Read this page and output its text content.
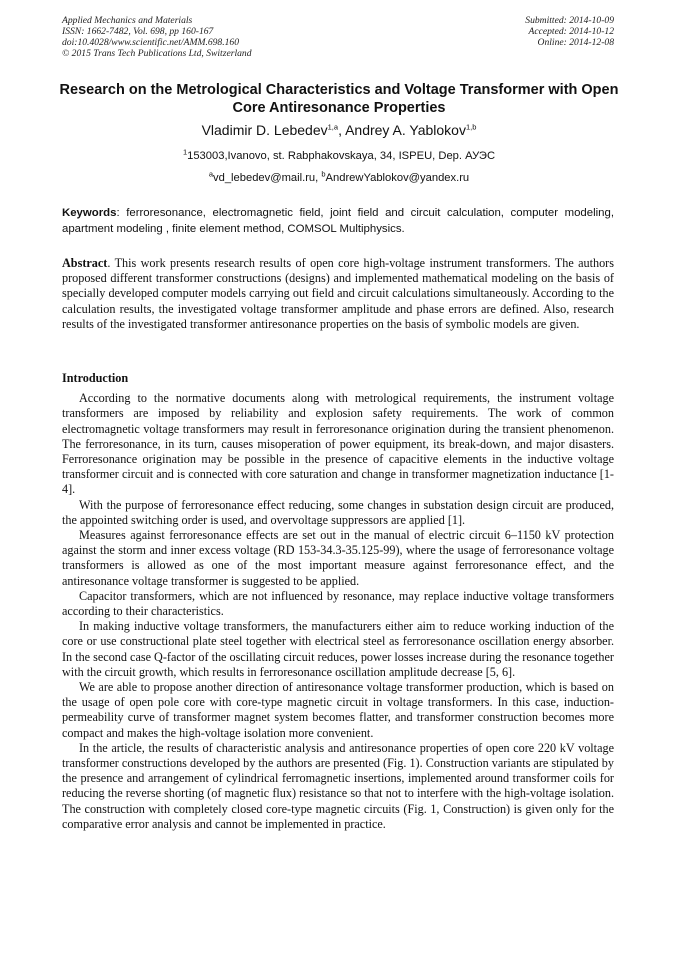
Applied Mechanics and Materials
ISSN: 1662-7482, Vol. 698, pp 160-167
doi:10.4028/www.scientific.net/AMM.698.160
© 2015 Trans Tech Publications Ltd, Switzerland
Submitted: 2014-10-09
Accepted: 2014-10-12
Online: 2014-12-08
Research on the Metrological Characteristics and Voltage Transformer with Open Core Antiresonance Properties
Vladimir D. Lebedev$^{1,a}$, Andrey A. Yablokov$^{1,b}$
$^1$153003,Ivanovo, st. Rabphakovskaya, 34, ISPEU, Dep. АУЭС
$^a$vd_lebedev@mail.ru, $^b$AndrewYablokov@yandex.ru
Keywords: ferroresonance, electromagnetic field, joint field and circuit calculation, computer modeling, apartment modeling , finite element method, COMSOL Multiphysics.
Abstract. This work presents research results of open core high-voltage instrument transformers. The authors proposed different transformer constructions (designs) and implemented mathematical modeling on the basis of specially developed computer models carrying out field and circuit calculations simultaneously. According to the calculation results, the investigated voltage transformer amplitude and phase errors are defined. Also, research results of the investigated transformer antiresonance properties on the basis of symbolic models are given.
Introduction

According to the normative documents along with metrological requirements, the instrument voltage transformers are imposed by reliability and explosion safety requirements. The work of common electromagnetic voltage transformers may result in ferroresonance origination during the transient phenomenon. The ferroresonance, in its turn, causes misoperation of power equipment, its break-down, and major disasters. Ferroresonance origination may be possible in the presence of capacitive elements in the inductive voltage transformer circuit and is connected with core saturation and change in transformer magnetization inductance [1-4].

With the purpose of ferroresonance effect reducing, some changes in substation design circuit are produced, the appointed switching order is used, and overvoltage suppressors are applied [1].

Measures against ferroresonance effects are set out in the manual of electric circuit 6–1150 kV protection against the storm and inner excess voltage (RD 153-34.3-35.125-99), where the usage of ferroresonance voltage transformers is allowed as one of the most important measure against ferroresonance effect, and the antiresonance voltage transformer is suggested to be applied.

Capacitor transformers, which are not influenced by resonance, may replace inductive voltage transformers according to their characteristics.

In making inductive voltage transformers, the manufacturers either aim to reduce working induction of the core or use constructional plate steel together with electrical steel as ferroresonance oscillation energy absorber. In the second case Q-factor of the oscillating circuit reduces, power losses increase during the resonance together with the circuit growth, which results in ferroresonance oscillation amplitude decrease [5, 6].

We are able to propose another direction of antiresonance voltage transformer production, which is based on the usage of open pole core with core-type magnetic circuit in voltage transformers. In this case, induction-permeability curve of transformer magnet system becomes flatter, and transformer construction becomes more compact and makes the high-voltage isolation more convenient.

In the article, the results of characteristic analysis and antiresonance properties of open core 220 kV voltage transformer constructions developed by the authors are presented (Fig. 1). Construction variants are stipulated by the presence and arrangement of cylindrical ferromagnetic insertions, implemented around transformer coils for reducing the reverse shorting (of magnetic flux) resistance so that not to interfere with the high-voltage isolation. The construction with completely closed core-type magnetic circuits (Fig. 1, Construction) is given only for the comparative error analysis and cannot be implemented in practice.
